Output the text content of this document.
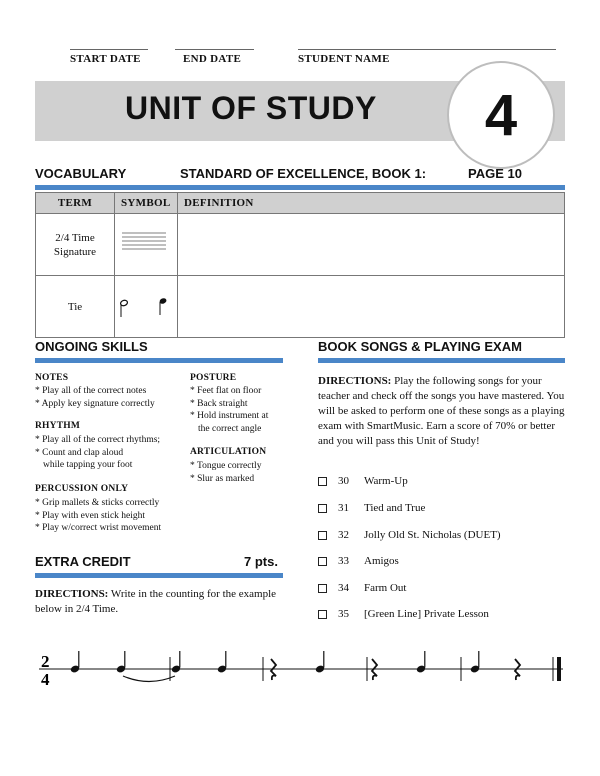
START DATE	END DATE	STUDENT NAME
UNIT OF STUDY 4
VOCABULARY	STANDARD OF EXCELLENCE, BOOK 1:	PAGE 10
TERM	SYMBOL	DEFINITION

2/4 Time
Signature

Tie

ONGOING SKILLS
NOTES
* Play all of the correct notes
* Apply key signature correctly
RHYTHM
* Play all of the correct rhythms;
* Count and clap aloud
while tapping your foot
PERCUSSION ONLY
* Grip mallets & sticks correctly
* Play with even stick height
* Play w/correct wrist movement
POSTURE
* Feet flat on floor
* Back straight
* Hold instrument at
the correct angle
ARTICULATION
* Tongue correctly
* Slur as marked
BOOK SONGS & PLAYING EXAM
DIRECTIONS: Play the following songs for your teacher and check off the songs you have mastered. You will be asked to perform one of these songs as a playing exam with SmartMusic. Earn a score of 70% or better and you will pass this Unit of Study!
30	Warm-Up
31	Tied and True
32	Jolly Old St. Nicholas (DUET)
33	Amigos
34	Farm Out
35	[Green Line] Private Lesson
EXTRA CREDIT	7 pts.
DIRECTIONS: Write in the counting for the example below in 2/4 Time.
2
4
